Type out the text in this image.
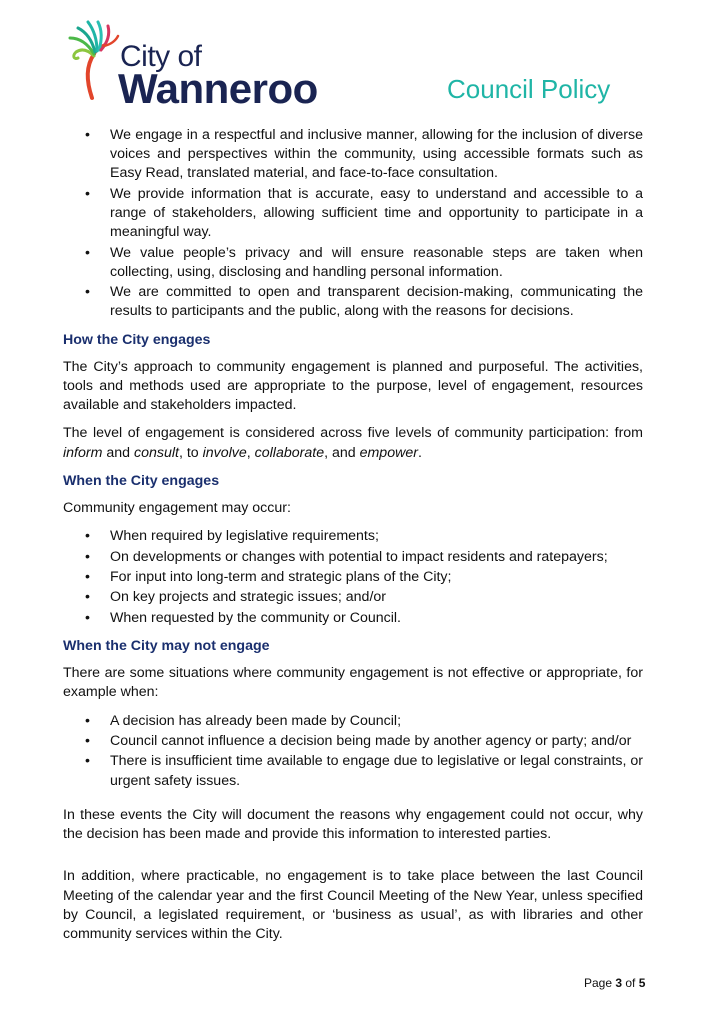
City of
Wanneroo	Council Policy
• We engage in a respectful and inclusive manner, allowing for the inclusion of diverse voices and perspectives within the community, using accessible formats such as Easy Read, translated material, and face-to-face consultation.
• We provide information that is accurate, easy to understand and accessible to a range of stakeholders, allowing sufficient time and opportunity to participate in a meaningful way.
• We value people’s privacy and will ensure reasonable steps are taken when collecting, using, disclosing and handling personal information.
• We are committed to open and transparent decision-making, communicating the results to participants and the public, along with the reasons for decisions.
How the City engages

The City’s approach to community engagement is planned and purposeful. The activities, tools and methods used are appropriate to the purpose, level of engagement, resources available and stakeholders impacted.

The level of engagement is considered across five levels of community participation: from inform and consult, to involve, collaborate, and empower.

When the City engages

Community engagement may occur:

• When required by legislative requirements;
• On developments or changes with potential to impact residents and ratepayers;
• For input into long-term and strategic plans of the City;
• On key projects and strategic issues; and/or
• When requested by the community or Council.
When the City may not engage

There are some situations where community engagement is not effective or appropriate, for example when:

• A decision has already been made by Council;
• Council cannot influence a decision being made by another agency or party; and/or
• There is insufficient time available to engage due to legislative or legal constraints, or urgent safety issues.

In these events the City will document the reasons why engagement could not occur, why the decision has been made and provide this information to interested parties.

In addition, where practicable, no engagement is to take place between the last Council Meeting of the calendar year and the first Council Meeting of the New Year, unless specified by Council, a legislated requirement, or ‘business as usual’, as with libraries and other community services within the City.

Page 3 of 5
